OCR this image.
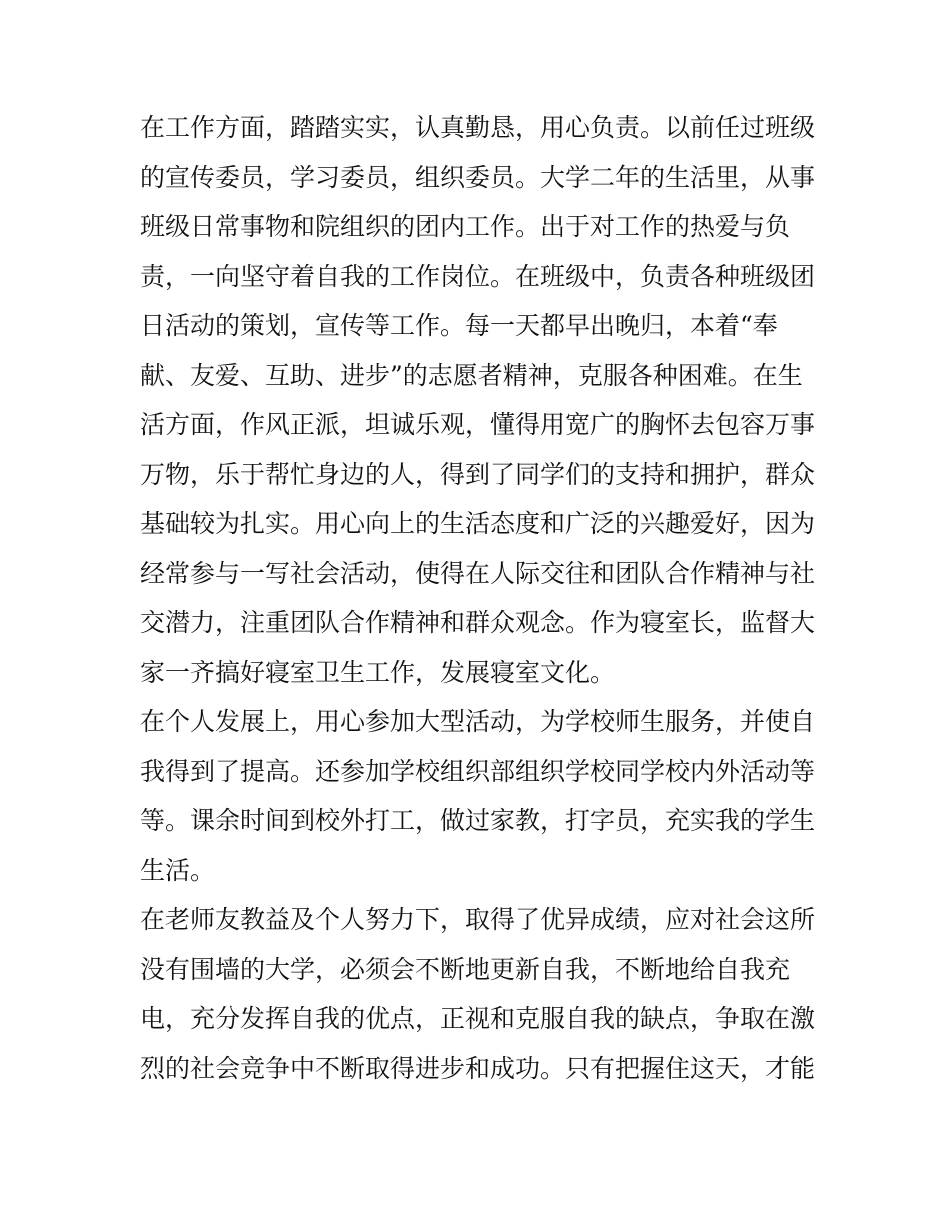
在工作方面，踏踏实实，认真勤恳，用心负责。以前任过班级
的宣传委员，学习委员，组织委员。大学二年的生活里，从事
班级日常事物和院组织的团内工作。出于对工作的热爱与负
责，一向坚守着自我的工作岗位。在班级中，负责各种班级团
日活动的策划，宣传等工作。每一天都早出晚归，本着“奉
献、友爱、互助、进步”的志愿者精神，克服各种困难。在生
活方面，作风正派，坦诚乐观，懂得用宽广的胸怀去包容万事
万物，乐于帮忙身边的人，得到了同学们的支持和拥护，群众
基础较为扎实。用心向上的生活态度和广泛的兴趣爱好，因为
经常参与一写社会活动，使得在人际交往和团队合作精神与社
交潜力，注重团队合作精神和群众观念。作为寝室长，监督大
家一齐搞好寝室卫生工作，发展寝室文化。
在个人发展上，用心参加大型活动，为学校师生服务，并使自
我得到了提高。还参加学校组织部组织学校同学校内外活动等
等。课余时间到校外打工，做过家教，打字员，充实我的学生
生活。
在老师友教益及个人努力下，取得了优异成绩，应对社会这所
没有围墙的大学，必须会不断地更新自我，不断地给自我充
电，充分发挥自我的优点，正视和克服自我的缺点，争取在激
烈的社会竞争中不断取得进步和成功。只有把握住这天，才能
